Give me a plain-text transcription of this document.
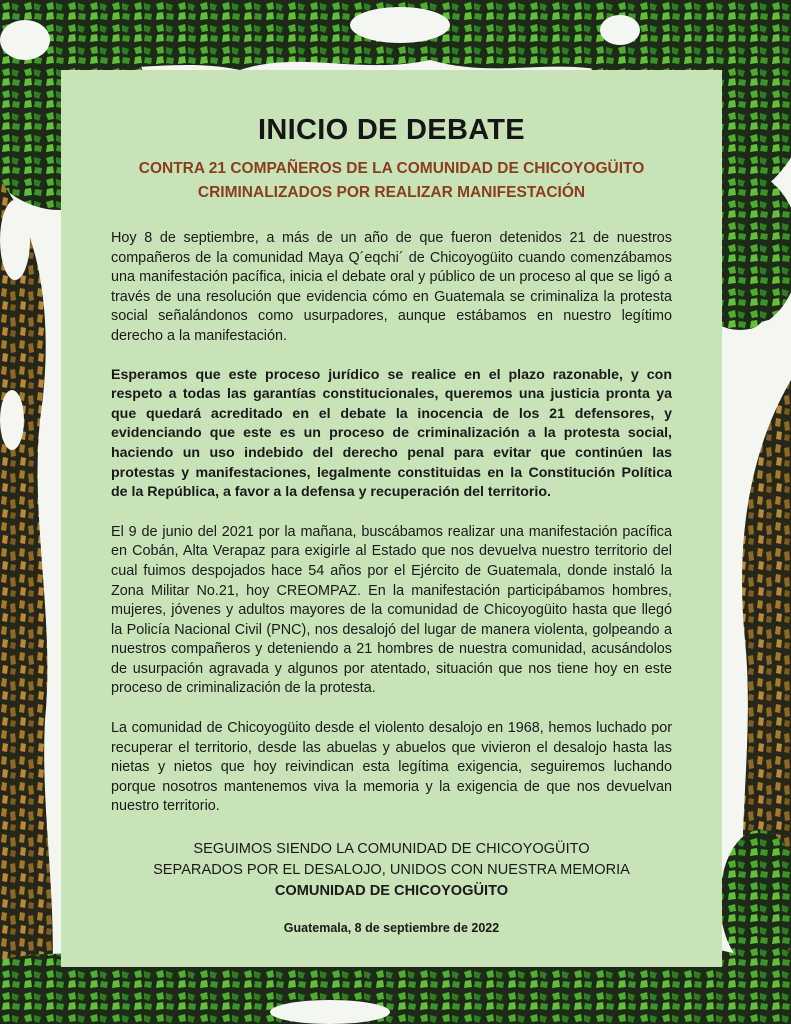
INICIO DE DEBATE
CONTRA 21 COMPAÑEROS DE LA COMUNIDAD DE CHICOYOGÜITO
CRIMINALIZADOS POR REALIZAR MANIFESTACIÓN

Hoy 8 de septiembre, a más de un año de que fueron detenidos 21 de nuestros compañeros de la comunidad Maya Q´eqchi´ de Chicoyogüito cuando comenzábamos una manifestación pacífica, inicia el debate oral y público de un proceso al que se ligó a través de una resolución que evidencia cómo en Guatemala se criminaliza la protesta social señalándonos como usurpadores, aunque estábamos en nuestro legítimo derecho a la manifestación.

Esperamos que este proceso jurídico se realice en el plazo razonable, y con respeto a todas las garantías constitucionales, queremos una justicia pronta ya que quedará acreditado en el debate la inocencia de los 21 defensores, y evidenciando que este es un proceso de criminalización a la protesta social, haciendo un uso indebido del derecho penal para evitar que continúen las protestas y manifestaciones, legalmente constituidas en la Constitución Política de la República, a favor a la defensa y recuperación del territorio.

El 9 de junio del 2021 por la mañana, buscábamos realizar una manifestación pacífica en Cobán, Alta Verapaz para exigirle al Estado que nos devuelva nuestro territorio del cual fuimos despojados hace 54 años por el Ejército de Guatemala, donde instaló la Zona Militar No.21, hoy CREOMPAZ. En la manifestación participábamos hombres, mujeres, jóvenes y adultos mayores de la comunidad de Chicoyogüito hasta que llegó la Policía Nacional Civil (PNC), nos desalojó del lugar de manera violenta, golpeando a nuestros compañeros y deteniendo a 21 hombres de nuestra comunidad, acusándolos de usurpación agravada y algunos por atentado, situación que nos tiene hoy en este proceso de criminalización de la protesta.

La comunidad de Chicoyogüito desde el violento desalojo en 1968, hemos luchado por recuperar el territorio, desde las abuelas y abuelos que vivieron el desalojo hasta las nietas y nietos que hoy reivindican esta legítima exigencia, seguiremos luchando porque nosotros mantenemos viva la memoria y la exigencia de que nos devuelvan nuestro territorio.

SEGUIMOS SIENDO LA COMUNIDAD DE CHICOYOGÜITO
SEPARADOS POR EL DESALOJO, UNIDOS CON NUESTRA MEMORIA
COMUNIDAD DE CHICOYOGÜITO
Guatemala, 8 de septiembre de 2022
